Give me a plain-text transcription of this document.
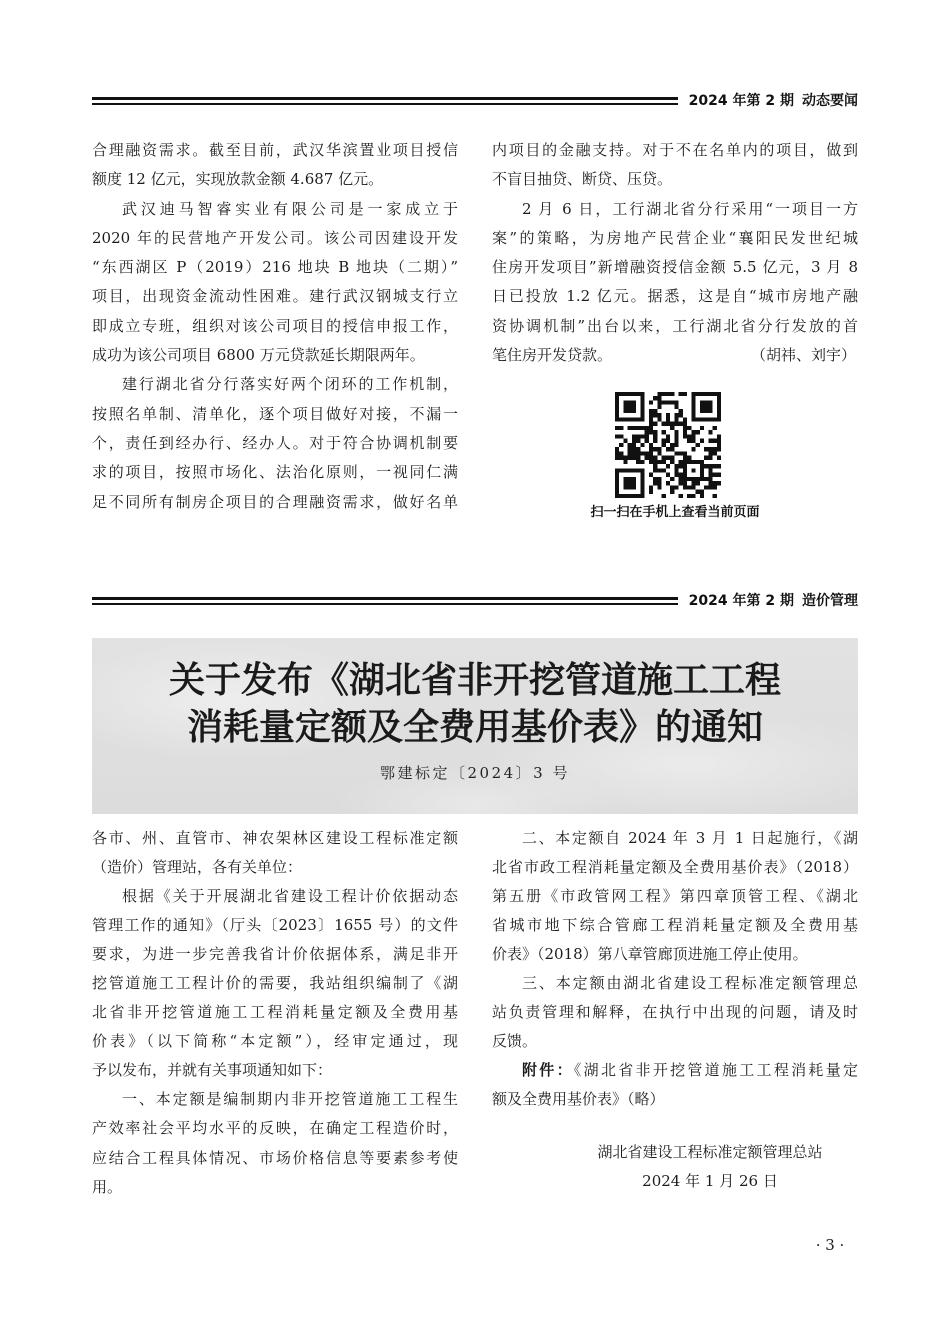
2024 年第 2 期 动态要闻
合理融资需求。截至目前，武汉华滨置业项目授信
额度 12 亿元，实现放款金额 4.687 亿元。
武汉迪马智睿实业有限公司是一家成立于
2020 年的民营地产开发公司。该公司因建设开发
“东西湖区 P（2019）216 地块 B 地块（二期）”
项目，出现资金流动性困难。建行武汉钢城支行立
即成立专班，组织对该公司项目的授信申报工作，
成功为该公司项目 6800 万元贷款延长期限两年。
建行湖北省分行落实好两个闭环的工作机制，
按照名单制、清单化，逐个项目做好对接，不漏一
个，责任到经办行、经办人。对于符合协调机制要
求的项目，按照市场化、法治化原则，一视同仁满
足不同所有制房企项目的合理融资需求，做好名单
内项目的金融支持。对于不在名单内的项目，做到
不盲目抽贷、断贷、压贷。
2 月 6 日，工行湖北省分行采用“一项目一方
案”的策略，为房地产民营企业“襄阳民发世纪城
住房开发项目”新增融资授信金额 5.5 亿元，3 月 8
日已投放 1.2 亿元。据悉，这是自“城市房地产融
资协调机制”出台以来，工行湖北省分行发放的首
笔住房开发贷款。	（胡祎、刘宇）
扫一扫在手机上查看当前页面
2024 年第 2 期 造价管理
关于发布《湖北省非开挖管道施工工程
消耗量定额及全费用基价表》的通知
鄂建标定〔2024〕3 号
各市、州、直管市、神农架林区建设工程标准定额
（造价）管理站，各有关单位：
根据《关于开展湖北省建设工程计价依据动态
管理工作的通知》（厅头〔2023〕1655 号）的文件
要求，为进一步完善我省计价依据体系，满足非开
挖管道施工工程计价的需要，我站组织编制了《湖
北省非开挖管道施工工程消耗量定额及全费用基
价表》（以下简称“本定额”），经审定通过，现
予以发布，并就有关事项通知如下：
一、本定额是编制期内非开挖管道施工工程生
产效率社会平均水平的反映，在确定工程造价时，
应结合工程具体情况、市场价格信息等要素参考使
用。
二、本定额自 2024 年 3 月 1 日起施行，《湖
北省市政工程消耗量定额及全费用基价表》（2018）
第五册《市政管网工程》第四章顶管工程、《湖北
省城市地下综合管廊工程消耗量定额及全费用基
价表》（2018）第八章管廊顶进施工停止使用。
三、本定额由湖北省建设工程标准定额管理总
站负责管理和解释，在执行中出现的问题，请及时
反馈。
附件：《湖北省非开挖管道施工工程消耗量定
额及全费用基价表》（略）
湖北省建设工程标准定额管理总站
2024 年 1 月 26 日
· 3 ·
